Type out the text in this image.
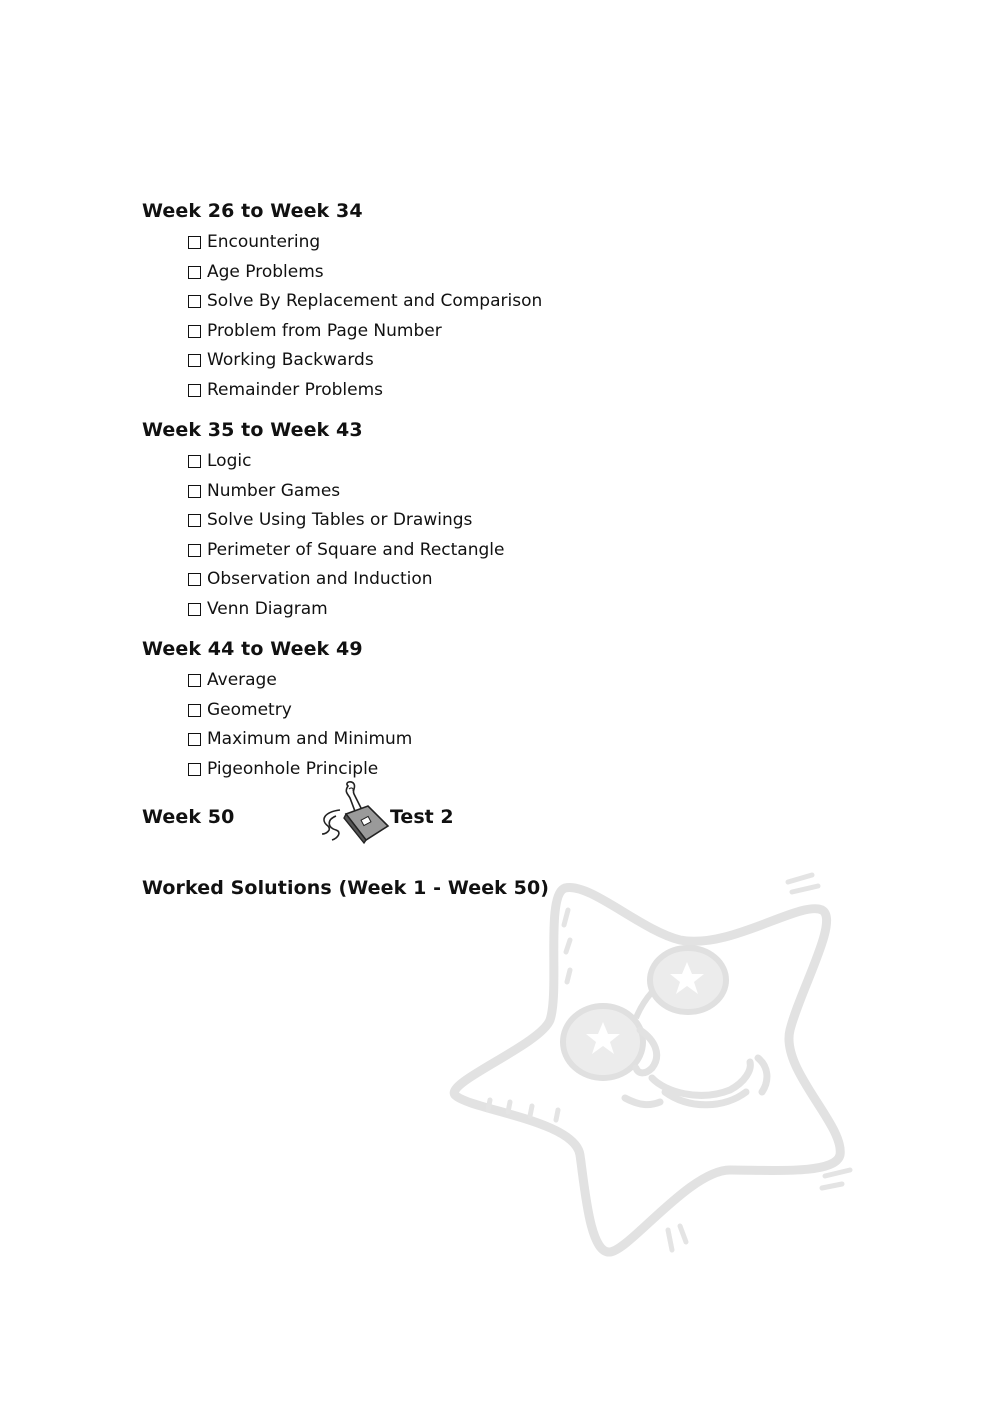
Week 26 to Week 34
Encountering
Age Problems
Solve By Replacement and Comparison
Problem from Page Number
Working Backwards
Remainder Problems
Week 35 to Week 43
Logic
Number Games
Solve Using Tables or Drawings
Perimeter of Square and Rectangle
Observation and Induction
Venn Diagram
Week 44 to Week 49
Average
Geometry
Maximum and Minimum
Pigeonhole Principle
Week 50	Test 2
Worked Solutions (Week 1 - Week 50)
